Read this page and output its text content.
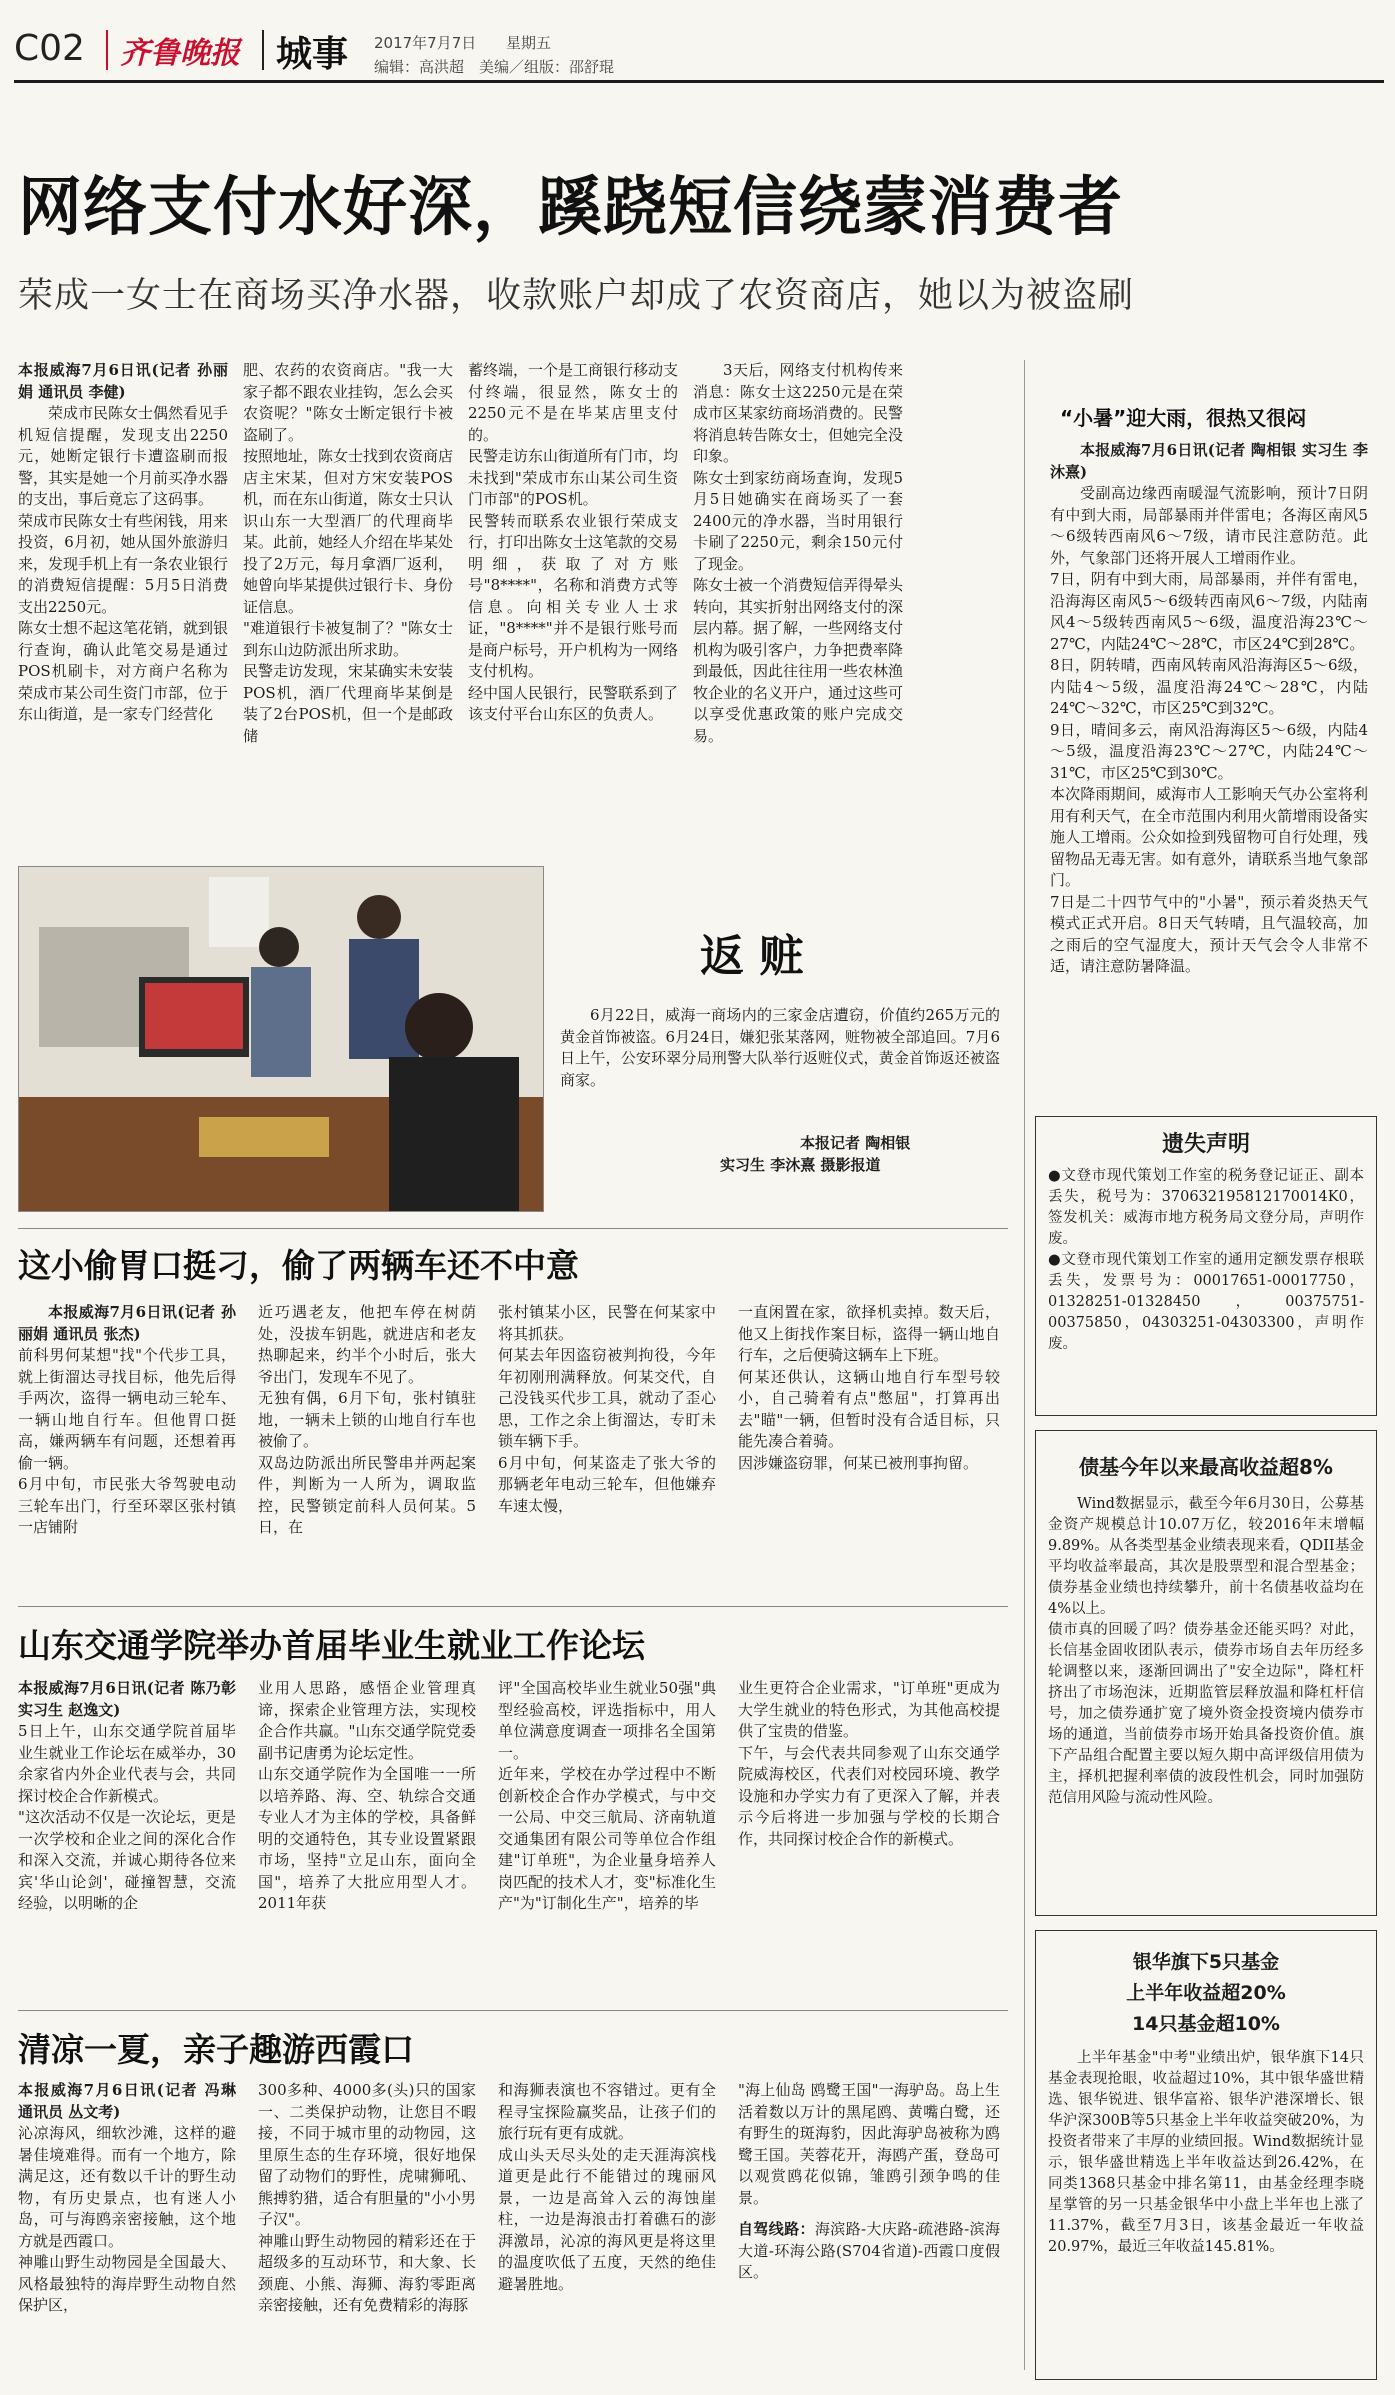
C02 齐鲁晚报 城事 2017年7月7日 星期五
编辑：高洪超　美编／组版：邵舒琨
网络支付水好深，蹊跷短信绕蒙消费者
荣成一女士在商场买净水器，收款账户却成了农资商店，她以为被盗刷

本报威海7月6日讯(记者 孙丽娟 通讯员 李健)

荣成市民陈女士偶然看见手机短信提醒，发现支出2250元，她断定银行卡遭盗刷而报警，其实是她一个月前买净水器的支出，事后竟忘了这码事。
荣成市民陈女士有些闲钱，用来投资，6月初，她从国外旅游归来，发现手机上有一条农业银行的消费短信提醒：5月5日消费支出2250元。
陈女士想不起这笔花销，就到银行查询，确认此笔交易是通过POS机刷卡，对方商户名称为荣成市某公司生资门市部，位于东山街道，是一家专门经营化

肥、农药的农资商店。"我一大家子都不跟农业挂钩，怎么会买农资呢？"陈女士断定银行卡被盗刷了。
按照地址，陈女士找到农资商店店主宋某，但对方宋安装POS机，而在东山街道，陈女士只认识山东一大型酒厂的代理商毕某。此前，她经人介绍在毕某处投了2万元，每月拿酒厂返利，她曾向毕某提供过银行卡、身份证信息。
"难道银行卡被复制了？"陈女士到东山边防派出所求助。
民警走访发现，宋某确实未安装POS机，酒厂代理商毕某倒是装了2台POS机，但一个是邮政储

蓄终端，一个是工商银行移动支付终端，很显然，陈女士的2250元不是在毕某店里支付的。
民警走访东山街道所有门市，均未找到"荣成市东山某公司生资门市部"的POS机。
民警转而联系农业银行荣成支行，打印出陈女士这笔款的交易明细，获取了对方账号"8****"，名称和消费方式等信息。向相关专业人士求证，"8****"并不是银行账号而是商户标号，开户机构为一网络支付机构。
经中国人民银行，民警联系到了该支付平台山东区的负责人。

3天后，网络支付机构传来消息：陈女士这2250元是在荣成市区某家纺商场消费的。民警将消息转告陈女士，但她完全没印象。
陈女士到家纺商场查询，发现5月5日她确实在商场买了一套2400元的净水器，当时用银行卡刷了2250元，剩余150元付了现金。
陈女士被一个消费短信弄得晕头转向，其实折射出网络支付的深层内幕。据了解，一些网络支付机构为吸引客户，力争把费率降到最低，因此往往用一些农林渔牧企业的名义开户，通过这些可以享受优惠政策的账户完成交易。

“小暑”迎大雨，很热又很闷

本报威海7月6日讯(记者 陶相银 实习生 李沐熹)

受副高边缘西南暖湿气流影响，预计7日阴有中到大雨，局部暴雨并伴雷电；各海区南风5～6级转西南风6～7级，请市民注意防范。此外，气象部门还将开展人工增雨作业。
7日，阴有中到大雨，局部暴雨，并伴有雷电，沿海海区南风5～6级转西南风6～7级，内陆南风4～5级转西南风5～6级，温度沿海23℃～27℃，内陆24℃～28℃，市区24℃到28℃。
8日，阴转晴，西南风转南风沿海海区5～6级，内陆4～5级，温度沿海24℃～28℃，内陆24℃～32℃，市区25℃到32℃。
9日，晴间多云，南风沿海海区5～6级，内陆4～5级，温度沿海23℃～27℃，内陆24℃～31℃，市区25℃到30℃。
本次降雨期间，威海市人工影响天气办公室将利用有利天气，在全市范围内利用火箭增雨设备实施人工增雨。公众如捡到残留物可自行处理，残留物品无毒无害。如有意外，请联系当地气象部门。
7日是二十四节气中的"小暑"，预示着炎热天气模式正式开启。8日天气转晴，且气温较高，加之雨后的空气湿度大，预计天气会令人非常不适，请注意防暑降温。

返 赃

6月22日，威海一商场内的三家金店遭窃，价值约265万元的黄金首饰被盗。6月24日，嫌犯张某落网，赃物被全部追回。7月6日上午，公安环翠分局刑警大队举行返赃仪式，黄金首饰返还被盗商家。

本报记者 陶相银
实习生 李沐熹 摄影报道
遗失声明

●文登市现代策划工作室的税务登记证正、副本丢失，税号为：370632195812170014K0，签发机关：威海市地方税务局文登分局，声明作废。

●文登市现代策划工作室的通用定额发票存根联丢失，发票号为：00017651-00017750，01328251-01328450，00375751-00375850，04303251-04303300，声明作废。

这小偷胃口挺刁，偷了两辆车还不中意

本报威海7月6日讯(记者 孙丽娟 通讯员 张杰)

前科男何某想"找"个代步工具，就上街溜达寻找目标，他先后得手两次，盗得一辆电动三轮车、一辆山地自行车。但他胃口挺高，嫌两辆车有问题，还想着再偷一辆。
6月中旬，市民张大爷驾驶电动三轮车出门，行至环翠区张村镇一店铺附

近巧遇老友，他把车停在树荫处，没拔车钥匙，就进店和老友热聊起来，约半个小时后，张大爷出门，发现车不见了。
无独有偶，6月下旬，张村镇驻地，一辆未上锁的山地自行车也被偷了。
双岛边防派出所民警串并两起案件，判断为一人所为，调取监控，民警锁定前科人员何某。5日，在

张村镇某小区，民警在何某家中将其抓获。
何某去年因盗窃被判拘役，今年年初刚刑满释放。何某交代，自己没钱买代步工具，就动了歪心思，工作之余上街溜达，专盯未锁车辆下手。
6月中旬，何某盗走了张大爷的那辆老年电动三轮车，但他嫌弃车速太慢，

一直闲置在家，欲择机卖掉。数天后，他又上街找作案目标，盗得一辆山地自行车，之后便骑这辆车上下班。
何某还供认，这辆山地自行车型号较小，自己骑着有点"憋屈"，打算再出去"瞄"一辆，但暂时没有合适目标，只能先凑合着骑。
因涉嫌盗窃罪，何某已被刑事拘留。	债基今年以来最高收益超8%

Wind数据显示，截至今年6月30日，公募基金资产规模总计10.07万亿，较2016年末增幅9.89%。从各类型基金业绩表现来看，QDII基金平均收益率最高，其次是股票型和混合型基金；债券基金业绩也持续攀升，前十名债基收益均在4%以上。
债市真的回暖了吗？债券基金还能买吗？对此，长信基金固收团队表示，债券市场自去年历经多轮调整以来，逐渐回调出了"安全边际"，降杠杆挤出了市场泡沫，近期监管层释放温和降杠杆信号，加之债券通扩宽了境外资金投资境内债券市场的通道，当前债券市场开始具备投资价值。旗下产品组合配置主要以短久期中高评级信用债为主，择机把握利率债的波段性机会，同时加强防范信用风险与流动性风险。

山东交通学院举办首届毕业生就业工作论坛

本报威海7月6日讯(记者 陈乃彰 实习生 赵逸文)

5日上午，山东交通学院首届毕业生就业工作论坛在威举办，30余家省内外企业代表与会，共同探讨校企合作新模式。
"这次活动不仅是一次论坛，更是一次学校和企业之间的深化合作和深入交流，并诚心期待各位来宾'华山论剑'，碰撞智慧，交流经验，以明晰的企

业用人思路，感悟企业管理真谛，探索企业管理方法，实现校企合作共赢。"山东交通学院党委副书记唐勇为论坛定性。
山东交通学院作为全国唯一一所以培养路、海、空、轨综合交通专业人才为主体的学校，具备鲜明的交通特色，其专业设置紧跟市场，坚持"立足山东，面向全国"，培养了大批应用型人才。2011年获

评"全国高校毕业生就业50强"典型经验高校，评选指标中，用人单位满意度调查一项排名全国第一。
近年来，学校在办学过程中不断创新校企合作办学模式，与中交一公局、中交三航局、济南轨道交通集团有限公司等单位合作组建"订单班"，为企业量身培养人岗匹配的技术人才，变"标准化生产"为"订制化生产"，培养的毕

业生更符合企业需求，"订单班"更成为大学生就业的特色形式，为其他高校提供了宝贵的借鉴。
下午，与会代表共同参观了山东交通学院威海校区，代表们对校园环境、教学设施和办学实力有了更深入了解，并表示今后将进一步加强与学校的长期合作，共同探讨校企合作的新模式。

银华旗下5只基金
上半年收益超20%
14只基金超10%

上半年基金"中考"业绩出炉，银华旗下14只基金表现抢眼，收益超过10%，其中银华盛世精选、银华锐进、银华富裕、银华沪港深增长、银华沪深300B等5只基金上半年收益突破20%，为投资者带来了丰厚的业绩回报。Wind数据统计显示，银华盛世精选上半年收益达到26.42%，在同类1368只基金中排名第11，由基金经理李晓星掌管的另一只基金银华中小盘上半年也上涨了11.37%，截至7月3日，该基金最近一年收益20.97%，最近三年收益145.81%。

清凉一夏，亲子趣游西霞口

本报威海7月6日讯(记者 冯琳 通讯员 丛文考)

沁凉海风，细软沙滩，这样的避暑佳境难得。而有一个地方，除满足这，还有数以千计的野生动物，有历史景点，也有迷人小岛，可与海鸥亲密接触，这个地方就是西霞口。
神雕山野生动物园是全国最大、风格最独特的海岸野生动物自然保护区，

300多种、4000多(头)只的国家一、二类保护动物，让您目不暇接，不同于城市里的动物园，这里原生态的生存环境，很好地保留了动物们的野性，虎啸狮吼、熊搏豹猎，适合有胆量的"小小男子汉"。
神雕山野生动物园的精彩还在于超级多的互动环节，和大象、长颈鹿、小熊、海狮、海豹零距离亲密接触，还有免费精彩的海豚

和海狮表演也不容错过。更有全程寻宝探险赢奖品，让孩子们的旅行玩有更有成就。
成山头天尽头处的走天涯海滨栈道更是此行不能错过的瑰丽风景，一边是高耸入云的海蚀崖柱，一边是海浪击打着礁石的澎湃激昂，沁凉的海风更是将这里的温度吹低了五度，天然的绝佳避暑胜地。

"海上仙岛 鸥鹭王国"一海驴岛。岛上生活着数以万计的黑尾鸥、黄嘴白鹭，还有野生的斑海豹，因此海驴岛被称为鸥鹭王国。芙蓉花开，海鸥产蛋，登岛可以观赏鸥花似锦，雏鸥引颈争鸣的佳景。

自驾线路：海滨路-大庆路-疏港路-滨海大道-环海公路(S704省道)-西霞口度假区。
